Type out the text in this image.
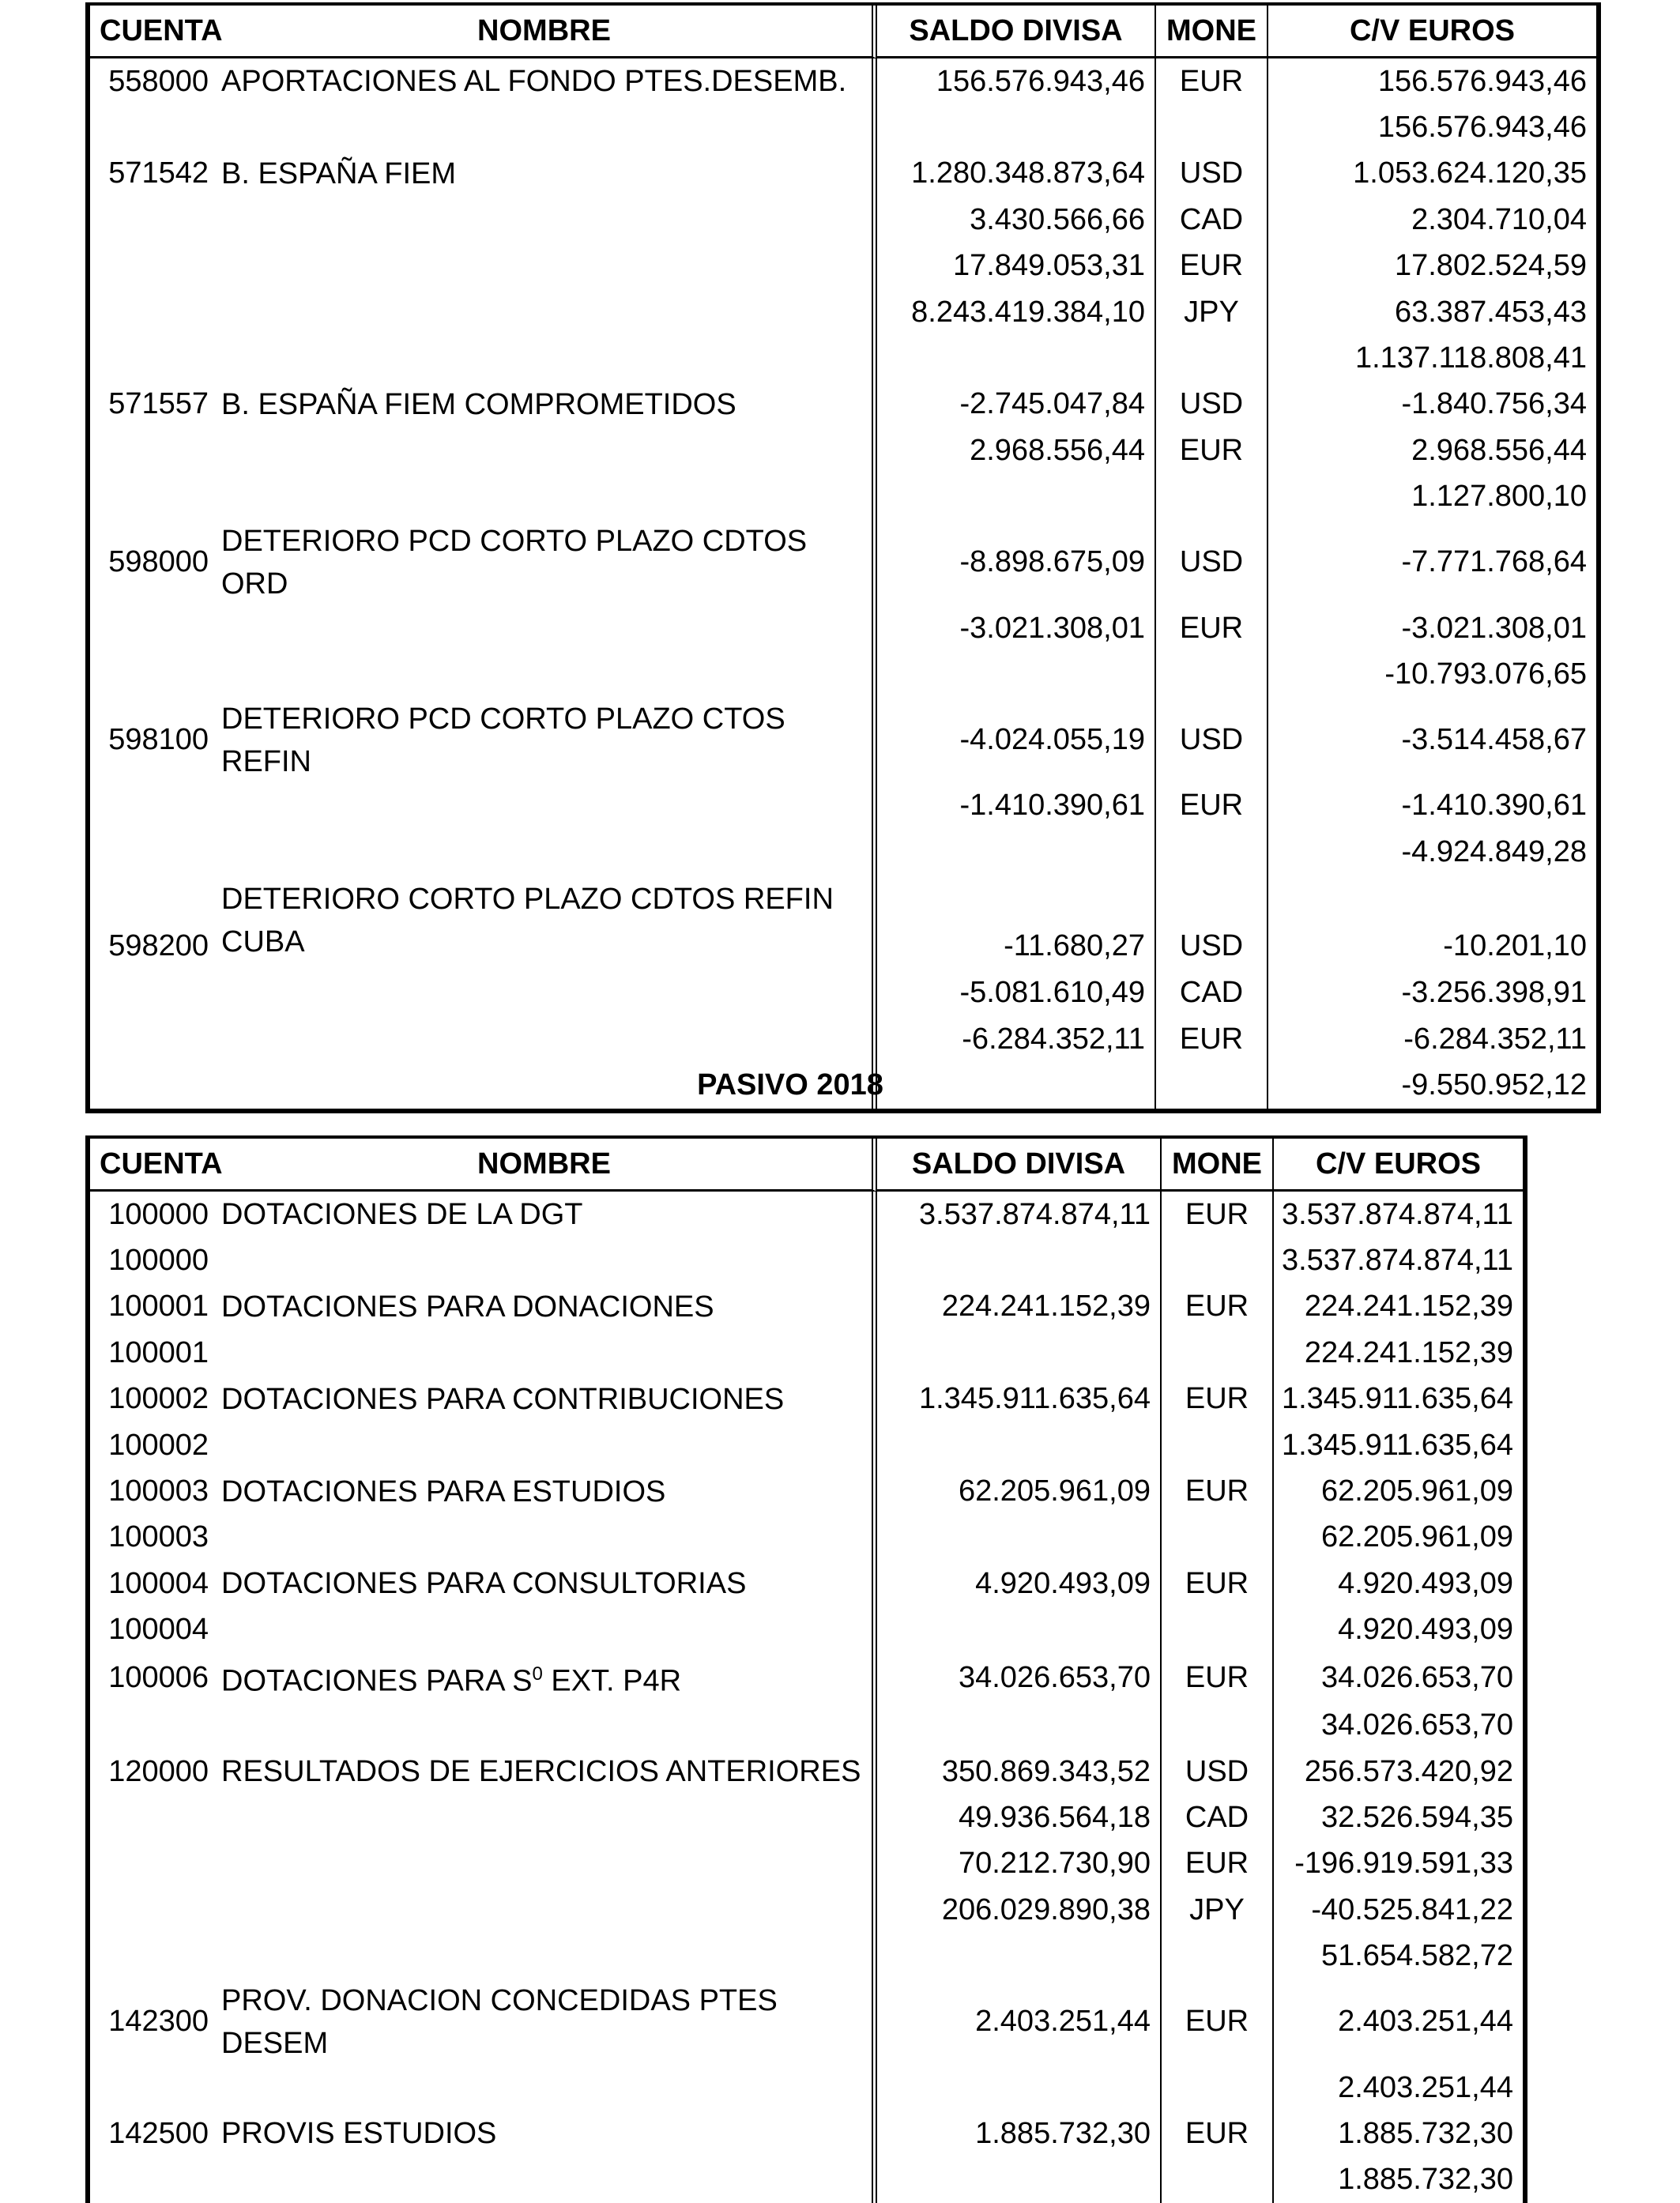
CUENTA	NOMBRE	SALDO DIVISA	MONE	C/V EUROS
558000	APORTACIONES AL FONDO PTES.DESEMB.	156.576.943,46	EUR	156.576.943,46
				156.576.943,46
571542	B. ESPAÑA FIEM	1.280.348.873,64	USD	1.053.624.120,35
		3.430.566,66	CAD	2.304.710,04
		17.849.053,31	EUR	17.802.524,59
		8.243.419.384,10	JPY	63.387.453,43
				1.137.118.808,41
571557	B. ESPAÑA FIEM COMPROMETIDOS	-2.745.047,84	USD	-1.840.756,34
		2.968.556,44	EUR	2.968.556,44
				1.127.800,10
598000	DETERIORO PCD CORTO PLAZO CDTOS ORD	-8.898.675,09	USD	-7.771.768,64
		-3.021.308,01	EUR	-3.021.308,01
				-10.793.076,65
598100	DETERIORO PCD CORTO PLAZO CTOS REFIN	-4.024.055,19	USD	-3.514.458,67
		-1.410.390,61	EUR	-1.410.390,61
				-4.924.849,28
598200	DETERIORO CORTO PLAZO CDTOS REFIN CUBA	-11.680,27	USD	-10.201,10
		-5.081.610,49	CAD	-3.256.398,91
		-6.284.352,11	EUR	-6.284.352,11
				-9.550.952,12

PASIVO 2018

CUENTA	NOMBRE	SALDO DIVISA	MONE	C/V EUROS
100000	DOTACIONES DE LA DGT	3.537.874.874,11	EUR	3.537.874.874,11
100000				3.537.874.874,11
100001	DOTACIONES PARA DONACIONES	224.241.152,39	EUR	224.241.152,39
100001				224.241.152,39
100002	DOTACIONES PARA CONTRIBUCIONES	1.345.911.635,64	EUR	1.345.911.635,64
100002				1.345.911.635,64
100003	DOTACIONES PARA ESTUDIOS	62.205.961,09	EUR	62.205.961,09
100003				62.205.961,09
100004	DOTACIONES PARA CONSULTORIAS	4.920.493,09	EUR	4.920.493,09
100004				4.920.493,09
100006	DOTACIONES PARA $S^0$ EXT. P4R	34.026.653,70	EUR	34.026.653,70
				34.026.653,70
120000	RESULTADOS DE EJERCICIOS ANTERIORES	350.869.343,52	USD	256.573.420,92
		49.936.564,18	CAD	32.526.594,35
		70.212.730,90	EUR	-196.919.591,33
		206.029.890,38	JPY	-40.525.841,22
				51.654.582,72
142300	PROV. DONACION CONCEDIDAS PTES DESEM	2.403.251,44	EUR	2.403.251,44
				2.403.251,44
142500	PROVIS ESTUDIOS	1.885.732,30	EUR	1.885.732,30
				1.885.732,30
